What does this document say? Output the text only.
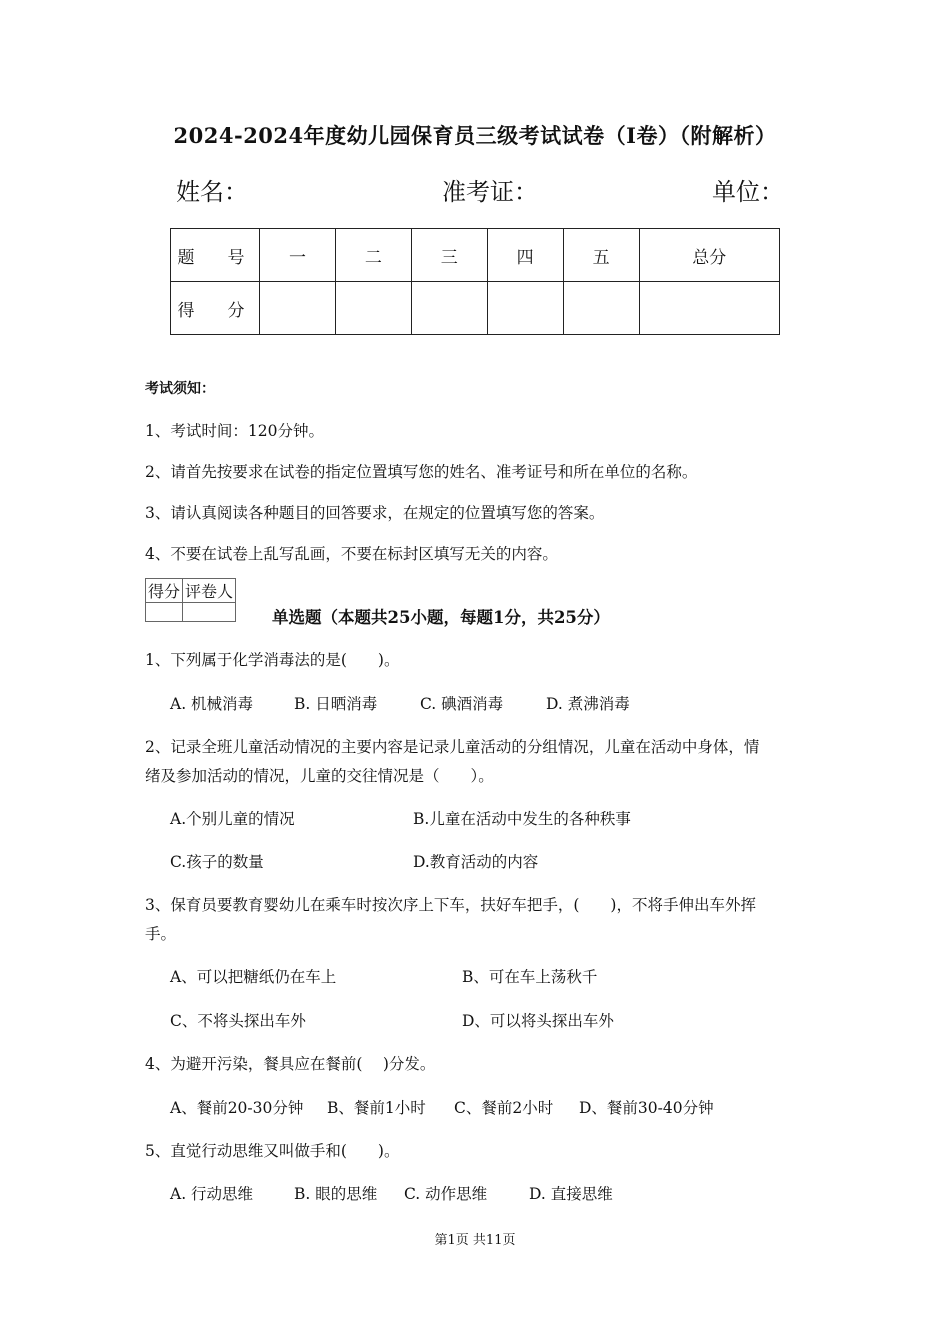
2024-2024年度幼儿园保育员三级考试试卷（I卷）（附解析）
姓名：	准考证：	单位：
题　号	一	二	三	四	五	总分
得　分						
考试须知：
1、考试时间：120分钟。
2、请首先按要求在试卷的指定位置填写您的姓名、准考证号和所在单位的名称。
3、请认真阅读各种题目的回答要求，在规定的位置填写您的答案。
4、不要在试卷上乱写乱画，不要在标封区填写无关的内容。
得分	评卷人

单选题（本题共25小题，每题1分，共25分）
1、下列属于化学消毒法的是(　　)。
A. 机械消毒	B. 日晒消毒	C. 碘酒消毒	D. 煮沸消毒
2、记录全班儿童活动情况的主要内容是记录儿童活动的分组情况，儿童在活动中身体，情
绪及参加活动的情况，儿童的交往情况是（　　）。
A.个别儿童的情况	B.儿童在活动中发生的各种秩事
C.孩子的数量	D.教育活动的内容
3、保育员要教育婴幼儿在乘车时按次序上下车，扶好车把手，(　　)，不将手伸出车外挥
手。
A、可以把糖纸仍在车上	B、可在车上荡秋千
C、不将头探出车外	D、可以将头探出车外
4、为避开污染，餐具应在餐前(　 )分发。
A、餐前20-30分钟 B、餐前1小时 C、餐前2小时 D、餐前30-40分钟
5、直觉行动思维又叫做手和(　　)。
A. 行动思维	B. 眼的思维 C. 动作思维	D. 直接思维
第1页 共11页
